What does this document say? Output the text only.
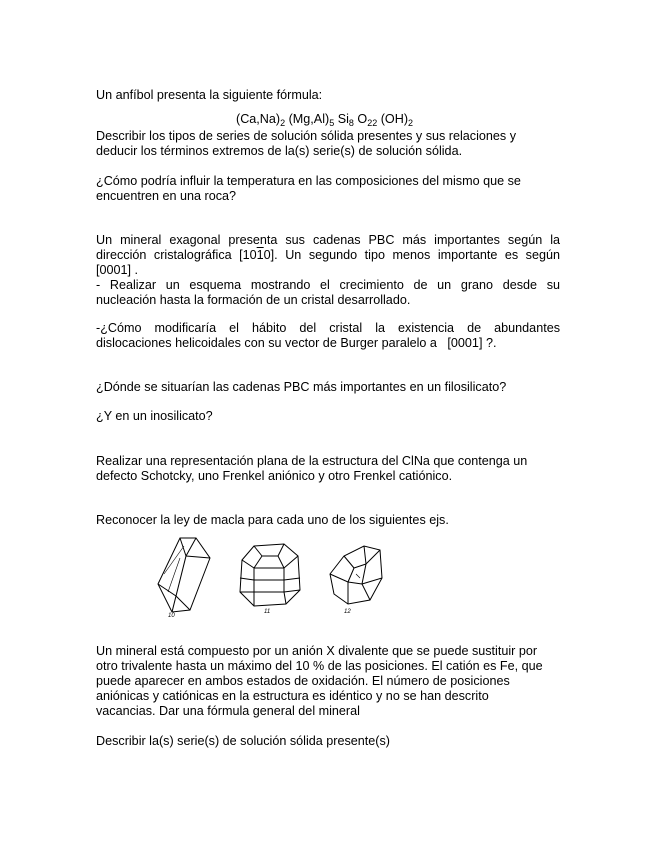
Un anfíbol presenta la siguiente fórmula:
$(Ca,Na)_2$ $(Mg,Al)_5$ $Si_8$ $O_{22}$ $(OH)_2$
Describir los tipos de series de solución sólida presentes y sus relaciones y
deducir los términos extremos de la(s) serie(s) de solución sólida.
¿Cómo podría influir la temperatura en las composiciones del mismo que se
encuentren en una roca?
Un mineral exagonal presenta sus cadenas PBC más importantes según la
dirección cristalográfica [1010]. Un segundo tipo menos importante es según
[0001] .
- Realizar un esquema mostrando el crecimiento de un grano desde su
nucleación hasta la formación de un cristal desarrollado.
-¿Cómo modificaría el hábito del cristal la existencia de abundantes
dislocaciones helicoidales con su vector de Burger paralelo a   [0001] ?.
¿Dónde se situarían las cadenas PBC más importantes en un filosilicato?
¿Y en un inosilicato?
Realizar una representación plana de la estructura del ClNa que contenga un
defecto Schotcky, uno Frenkel aniónico y otro Frenkel catiónico.
Reconocer la ley de macla para cada uno de los siguientes ejs.
10
11	12
Un mineral está compuesto por un anión X divalente que se puede sustituir por
otro trivalente hasta un máximo del 10 % de las posiciones. El catión es Fe, que
puede aparecer en ambos estados de oxidación. El número de posiciones
aniónicas y catiónicas en la estructura es idéntico y no se han descrito
vacancias. Dar una fórmula general del mineral
Describir la(s) serie(s) de solución sólida presente(s)
